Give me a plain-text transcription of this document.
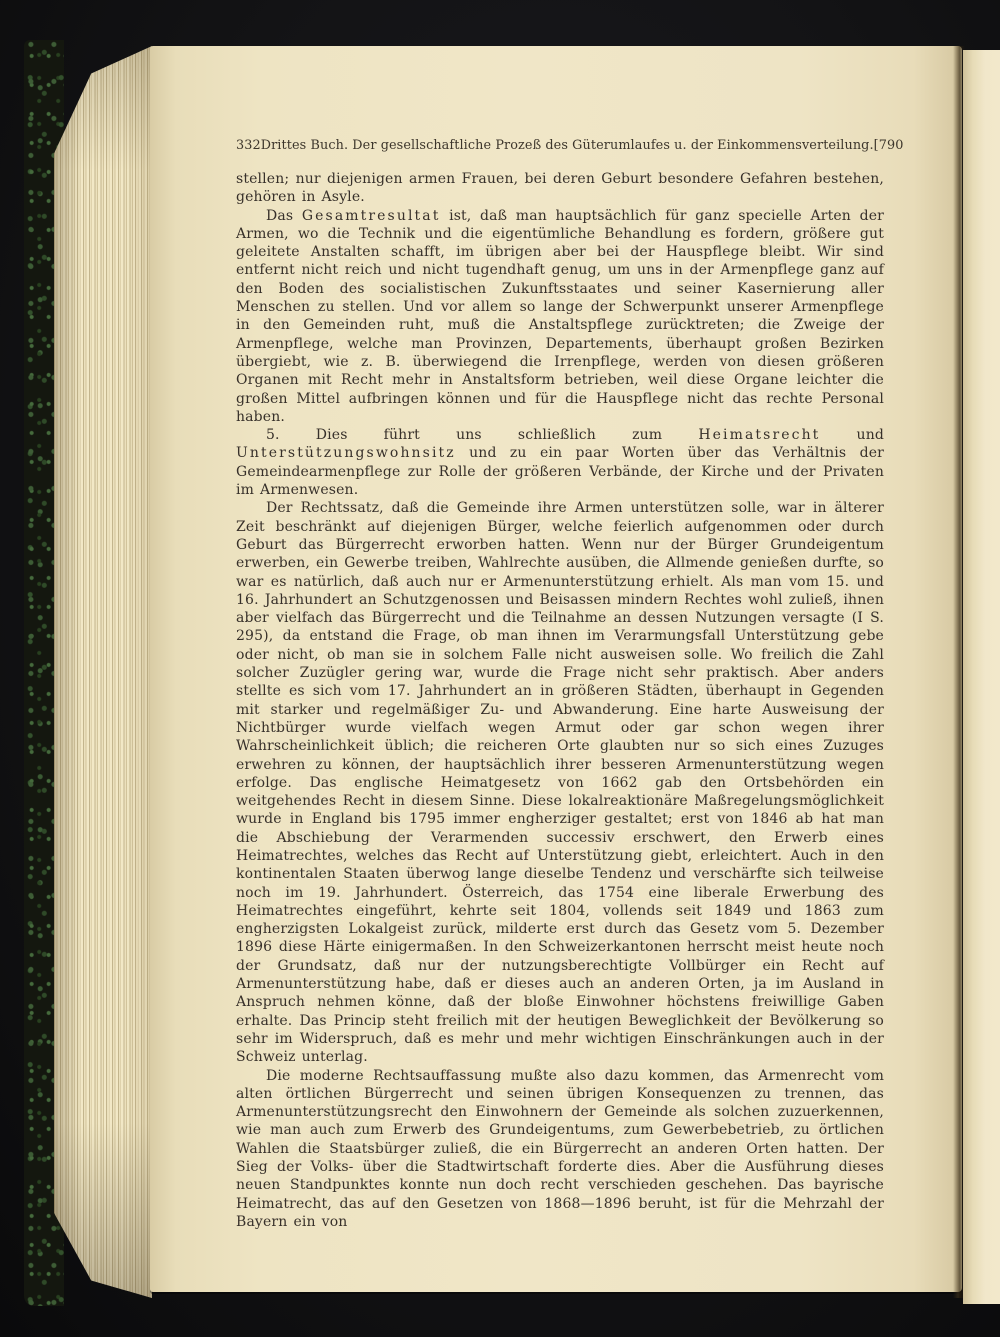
332 Drittes Buch. Der gesellschaftliche Prozeß des Güterumlaufes u. der Einkommensverteilung. [790

stellen; nur diejenigen armen Frauen, bei deren Geburt besondere Gefahren bestehen, gehören in Asyle.

Das Gesamtresultat ist, daß man hauptsächlich für ganz specielle Arten der Armen, wo die Technik und die eigentümliche Behandlung es fordern, größere gut geleitete Anstalten schafft, im übrigen aber bei der Hauspflege bleibt. Wir sind entfernt nicht reich und nicht tugendhaft genug, um uns in der Armenpflege ganz auf den Boden des socialistischen Zukunftsstaates und seiner Kasernierung aller Menschen zu stellen. Und vor allem so lange der Schwerpunkt unserer Armenpflege in den Gemeinden ruht, muß die Anstaltspflege zurücktreten; die Zweige der Armenpflege, welche man Provinzen, Departements, überhaupt großen Bezirken übergiebt, wie z. B. überwiegend die Irrenpflege, werden von diesen größeren Organen mit Recht mehr in Anstaltsform betrieben, weil diese Organe leichter die großen Mittel aufbringen können und für die Hauspflege nicht das rechte Personal haben.

5. Dies führt uns schließlich zum Heimatsrecht und Unterstützungswohnsitz und zu ein paar Worten über das Verhältnis der Gemeindearmenpflege zur Rolle der größeren Verbände, der Kirche und der Privaten im Armenwesen.

Der Rechtssatz, daß die Gemeinde ihre Armen unterstützen solle, war in älterer Zeit beschränkt auf diejenigen Bürger, welche feierlich aufgenommen oder durch Geburt das Bürgerrecht erworben hatten. Wenn nur der Bürger Grundeigentum erwerben, ein Gewerbe treiben, Wahlrechte ausüben, die Allmende genießen durfte, so war es natürlich, daß auch nur er Armenunterstützung erhielt. Als man vom 15. und 16. Jahrhundert an Schutzgenossen und Beisassen mindern Rechtes wohl zuließ, ihnen aber vielfach das Bürgerrecht und die Teilnahme an dessen Nutzungen versagte (I S. 295), da entstand die Frage, ob man ihnen im Verarmungsfall Unterstützung gebe oder nicht, ob man sie in solchem Falle nicht ausweisen solle. Wo freilich die Zahl solcher Zuzügler gering war, wurde die Frage nicht sehr praktisch. Aber anders stellte es sich vom 17. Jahrhundert an in größeren Städten, überhaupt in Gegenden mit starker und regelmäßiger Zu- und Abwanderung. Eine harte Ausweisung der Nichtbürger wurde vielfach wegen Armut oder gar schon wegen ihrer Wahrscheinlichkeit üblich; die reicheren Orte glaubten nur so sich eines Zuzuges erwehren zu können, der hauptsächlich ihrer besseren Armenunterstützung wegen erfolge. Das englische Heimatgesetz von 1662 gab den Ortsbehörden ein weitgehendes Recht in diesem Sinne. Diese lokalreaktionäre Maßregelungsmöglichkeit wurde in England bis 1795 immer engherziger gestaltet; erst von 1846 ab hat man die Abschiebung der Verarmenden successiv erschwert, den Erwerb eines Heimatrechtes, welches das Recht auf Unterstützung giebt, erleichtert. Auch in den kontinentalen Staaten überwog lange dieselbe Tendenz und verschärfte sich teilweise noch im 19. Jahrhundert. Österreich, das 1754 eine liberale Erwerbung des Heimatrechtes eingeführt, kehrte seit 1804, vollends seit 1849 und 1863 zum engherzigsten Lokalgeist zurück, milderte erst durch das Gesetz vom 5. Dezember 1896 diese Härte einigermaßen. In den Schweizerkantonen herrscht meist heute noch der Grundsatz, daß nur der nutzungsberechtigte Vollbürger ein Recht auf Armenunterstützung habe, daß er dieses auch an anderen Orten, ja im Ausland in Anspruch nehmen könne, daß der bloße Einwohner höchstens freiwillige Gaben erhalte. Das Princip steht freilich mit der heutigen Beweglichkeit der Bevölkerung so sehr im Widerspruch, daß es mehr und mehr wichtigen Einschränkungen auch in der Schweiz unterlag.

Die moderne Rechtsauffassung mußte also dazu kommen, das Armenrecht vom alten örtlichen Bürgerrecht und seinen übrigen Konsequenzen zu trennen, das Armenunterstützungsrecht den Einwohnern der Gemeinde als solchen zuzuerkennen, wie man auch zum Erwerb des Grundeigentums, zum Gewerbebetrieb, zu örtlichen Wahlen die Staatsbürger zuließ, die ein Bürgerrecht an anderen Orten hatten. Der Sieg der Volks- über die Stadtwirtschaft forderte dies. Aber die Ausführung dieses neuen Standpunktes konnte nun doch recht verschieden geschehen. Das bayrische Heimatrecht, das auf den Gesetzen von 1868—1896 beruht, ist für die Mehrzahl der Bayern ein von
